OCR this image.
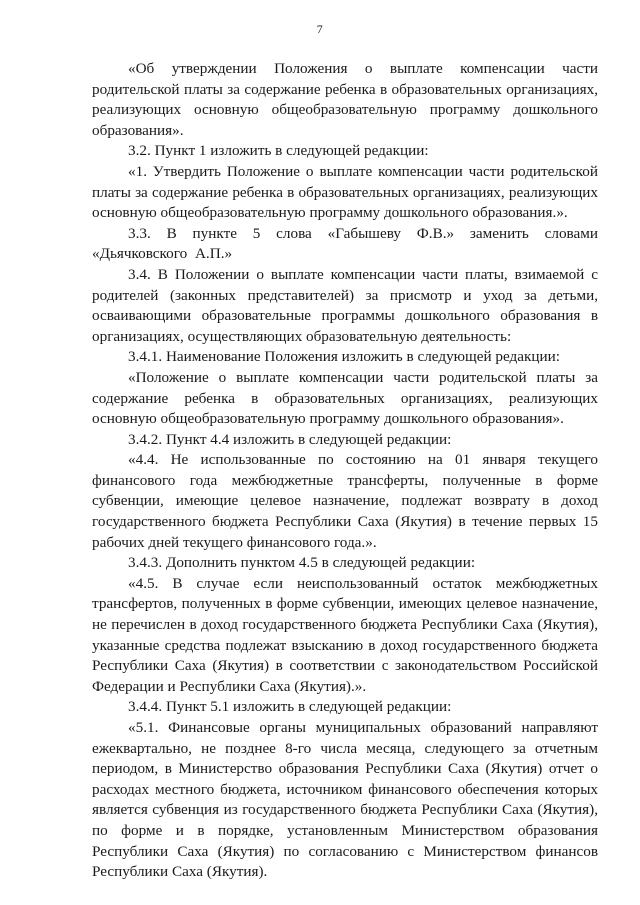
7

«Об утверждении Положения о выплате компенсации части родительской платы за содержание ребенка в образовательных организациях, реализующих основную общеобразовательную программу дошкольного образования».

3.2. Пункт 1 изложить в следующей редакции:

«1. Утвердить Положение о выплате компенсации части родительской платы за содержание ребенка в образовательных организациях, реализующих основную общеобразовательную программу дошкольного образования.».

3.3. В пункте 5 слова «Габышеву Ф.В.» заменить словами «Дьячковского А.П.»

3.4. В Положении о выплате компенсации части платы, взимаемой с родителей (законных представителей) за присмотр и уход за детьми, осваивающими образовательные программы дошкольного образования в организациях, осуществляющих образовательную деятельность:

3.4.1. Наименование Положения изложить в следующей редакции:

«Положение о выплате компенсации части родительской платы за содержание ребенка в образовательных организациях, реализующих основную общеобразовательную программу дошкольного образования».

3.4.2. Пункт 4.4 изложить в следующей редакции:

«4.4. Не использованные по состоянию на 01 января текущего финансового года межбюджетные трансферты, полученные в форме субвенции, имеющие целевое назначение, подлежат возврату в доход государственного бюджета Республики Саха (Якутия) в течение первых 15 рабочих дней текущего финансового года.».

3.4.3. Дополнить пунктом 4.5 в следующей редакции:

«4.5. В случае если неиспользованный остаток межбюджетных трансфертов, полученных в форме субвенции, имеющих целевое назначение, не перечислен в доход государственного бюджета Республики Саха (Якутия), указанные средства подлежат взысканию в доход государственного бюджета Республики Саха (Якутия) в соответствии с законодательством Российской Федерации и Республики Саха (Якутия).».

3.4.4. Пункт 5.1 изложить в следующей редакции:

«5.1. Финансовые органы муниципальных образований направляют ежеквартально, не позднее 8-го числа месяца, следующего за отчетным периодом, в Министерство образования Республики Саха (Якутия) отчет о расходах местного бюджета, источником финансового обеспечения которых является субвенция из государственного бюджета Республики Саха (Якутия), по форме и в порядке, установленным Министерством образования Республики Саха (Якутия) по согласованию с Министерством финансов Республики Саха (Якутия).
